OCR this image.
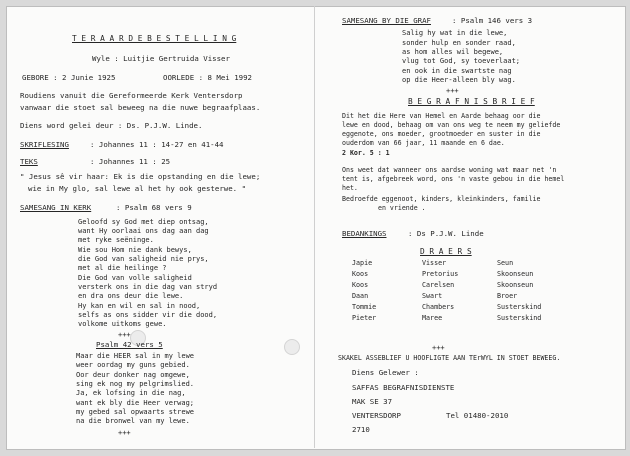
T E R A A R D E B E S T E L L I N G
Wyle : Luitjie Gertruida Visser
GEBORE : 2 Junie 1925	OORLEDE : 8 Mei 1992
Roudiens vanuit die Gereformeerde Kerk Ventersdorp
vanwaar die stoet sal beweeg na die nuwe begraafplaas.
Diens word gelei deur : Ds. P.J.W. Linde.
SKRIFLESING	: Johannes 11 : 14-27 en 41-44
TEKS	: Johannes 11 : 25
" Jesus sê vir haar: Ek is die opstanding en die lewe;
wie in My glo, sal lewe al het hy ook gesterwe. "
SAMESANG IN KERK	: Psalm 68 vers 9
Geloofd sy God met diep ontsag,
want Hy oorlaai ons dag aan dag
met ryke seëninge.
Wie sou Hom nie dank bewys,
die God van saligheid nie prys,
met al die heilinge ?
Die God van volle saligheid
versterk ons in die dag van stryd
en dra ons deur die lewe.
Hy kan en wil en sal in nood,
selfs as ons sidder vir die dood,
volkome uitkoms gewe.
+++
Psalm 42 vers 5
Maar die HEER sal in my lewe
weer oordag my guns gebied.
Oor deur donker nag omgewe,
sing ek nog my pelgrimslied.
Ja, ek lofsing in die nag,
want ek bly die Heer verwag;
my gebed sal opwaarts strewe
na die bronwel van my lewe.
+++
SAMESANG BY DIE GRAF	: Psalm 146 vers 3
Salig hy wat in die lewe,
sonder hulp en sonder raad,
as hom alles wil begewe,
vlug tot God, sy toeverlaat;
en ook in die swartste nag
op die Heer-alleen bly wag.
+++
B E G R A F N I S B R I E F
Dit het die Here van Hemel en Aarde behaag oor die
lewe en dood, behaag om van ons weg te neem my geliefde
eggenote, ons moeder, grootmoeder en suster in die
ouderdom van 66 jaar, 11 maande en 6 dae.
2 Kor. 5 : 1
Ons weet dat wanneer ons aardse woning wat maar net 'n
tent is, afgebreek word, ons 'n vaste gebou in die hemel
het.
Bedroefde eggenoot, kinders, kleinkinders, familie
en vriende .
BEDANKINGS	: Ds P.J.W. Linde
D R A E R S
Japie	Visser	Seun
Koos	Pretorius	Skoonseun
Koos	Carelsen	Skoonseun
Daan	Swart	Broer
Tommie	Chambers	Susterskind
Pieter	Maree	Susterskind
+++
SKAKEL ASSEBLIEF U HOOFLIGTE AAN TErWYL IN STOET BEWEEG.
Diens Gelewer :
SAFFAS BEGRAFNISDIENSTE
MAK SE 37
VENTERSDORP	Tel 01480-2010
2710
